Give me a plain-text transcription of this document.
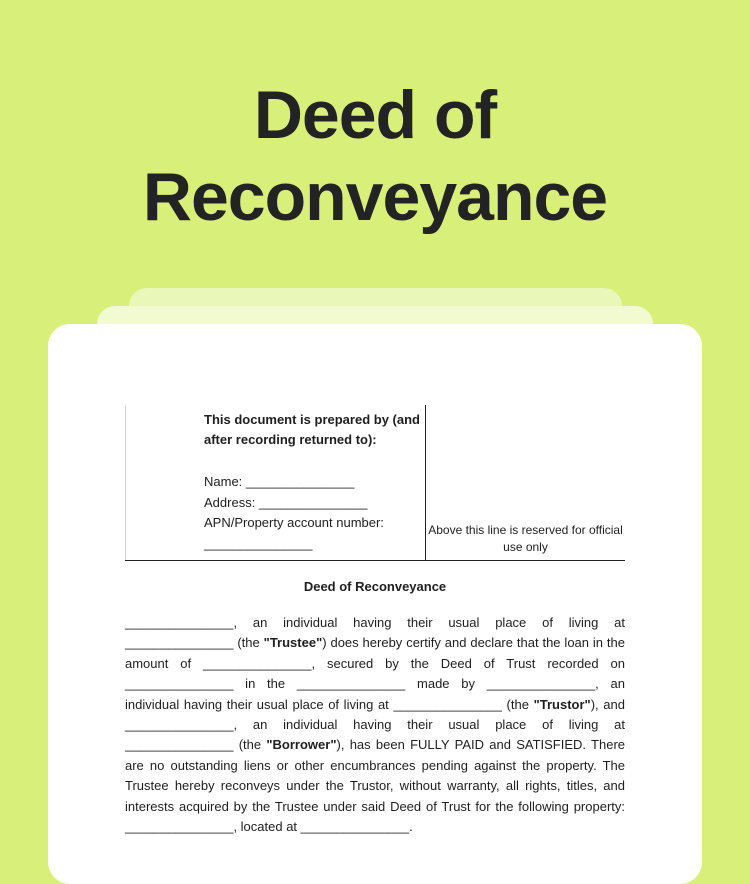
Deed of
Reconveyance
This document is prepared by (and after recording returned to):
Name: _______________
Address: _______________
APN/Property account number:
_______________
Above this line is reserved for official use only
Deed of Reconveyance
_______________, an individual having their usual place of living at _______________ (the "Trustee") does hereby certify and declare that the loan in the amount of _______________, secured by the Deed of Trust recorded on _______________ in the _______________ made by _______________, an individual having their usual place of living at _______________ (the "Trustor"), and _______________, an individual having their usual place of living at _______________ (the "Borrower"), has been FULLY PAID and SATISFIED. There are no outstanding liens or other encumbrances pending against the property. The Trustee hereby reconveys under the Trustor, without warranty, all rights, titles, and interests acquired by the Trustee under said Deed of Trust for the following property: _______________, located at _______________.
